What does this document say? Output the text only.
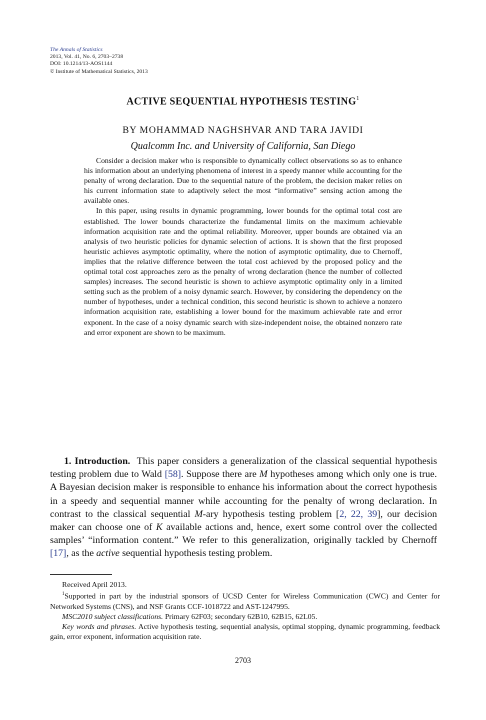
The Annals of Statistics
2013, Vol. 41, No. 6, 2703–2738
DOI: 10.1214/13-AOS1144
© Institute of Mathematical Statistics, 2013
ACTIVE SEQUENTIAL HYPOTHESIS TESTING$^1$
BY MOHAMMAD NAGHSHVAR AND TARA JAVIDI
Qualcomm Inc. and University of California, San Diego

Consider a decision maker who is responsible to dynamically collect observations so as to enhance his information about an underlying phenomena of interest in a speedy manner while accounting for the penalty of wrong declaration. Due to the sequential nature of the problem, the decision maker relies on his current information state to adaptively select the most “informative” sensing action among the available ones.

In this paper, using results in dynamic programming, lower bounds for the optimal total cost are established. The lower bounds characterize the fundamental limits on the maximum achievable information acquisition rate and the optimal reliability. Moreover, upper bounds are obtained via an analysis of two heuristic policies for dynamic selection of actions. It is shown that the first proposed heuristic achieves asymptotic optimality, where the notion of asymptotic optimality, due to Chernoff, implies that the relative difference between the total cost achieved by the proposed policy and the optimal total cost approaches zero as the penalty of wrong declaration (hence the number of collected samples) increases. The second heuristic is shown to achieve asymptotic optimality only in a limited setting such as the problem of a noisy dynamic search. However, by considering the dependency on the number of hypotheses, under a technical condition, this second heuristic is shown to achieve a nonzero information acquisition rate, establishing a lower bound for the maximum achievable rate and error exponent. In the case of a noisy dynamic search with size-independent noise, the obtained nonzero rate and error exponent are shown to be maximum.

1. Introduction. This paper considers a generalization of the classical sequential hypothesis testing problem due to Wald [58]. Suppose there are M hypotheses among which only one is true. A Bayesian decision maker is responsible to enhance his information about the correct hypothesis in a speedy and sequential manner while accounting for the penalty of wrong declaration. In contrast to the classical sequential M-ary hypothesis testing problem [2, 22, 39], our decision maker can choose one of K available actions and, hence, exert some control over the collected samples’ “information content.” We refer to this generalization, originally tackled by Chernoff [17], as the active sequential hypothesis testing problem.

Received April 2013.

$^1$Supported in part by the industrial sponsors of UCSD Center for Wireless Communication (CWC) and Center for Networked Systems (CNS), and NSF Grants CCF-1018722 and AST-1247995.

MSC2010 subject classifications. Primary 62F03; secondary 62B10, 62B15, 62L05.

Key words and phrases. Active hypothesis testing, sequential analysis, optimal stopping, dynamic programming, feedback gain, error exponent, information acquisition rate.

2703
